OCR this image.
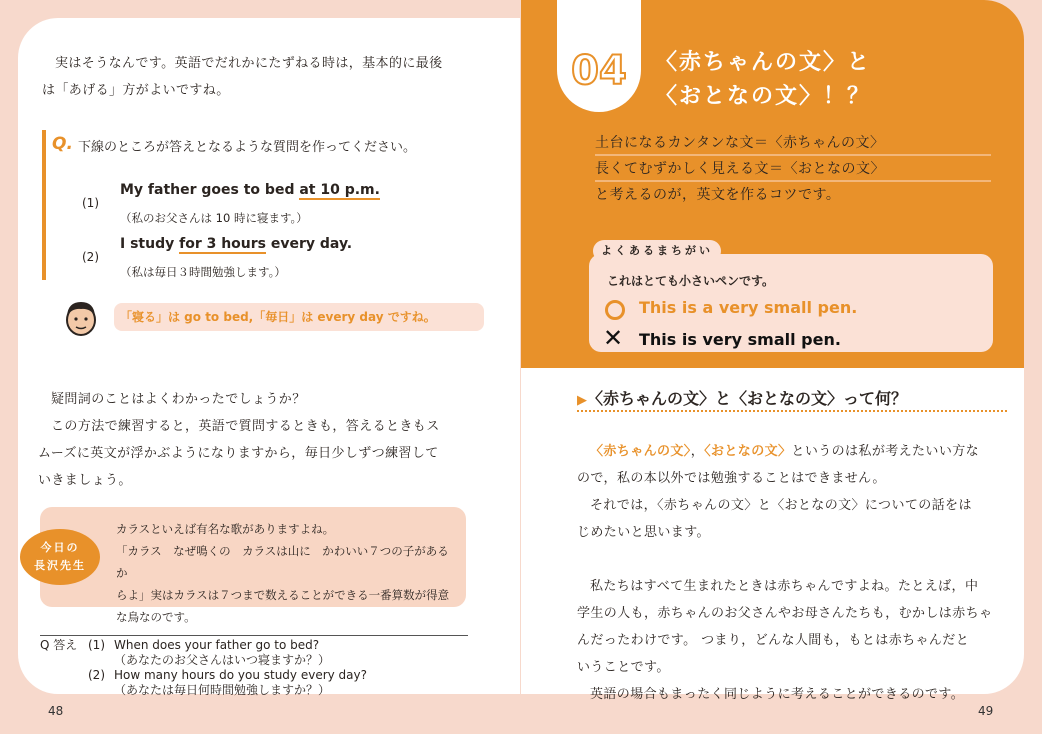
実はそうなんです。英語でだれかにたずねる時は，基本的に最後

は「あげる」方がよいですね。

Q. 下線のところが答えとなるような質問を作ってください。
(1)
My father goes to bed at 10 p.m.
（私のお父さんは 10 時に寝ます。）
(2)
I study for 3 hours every day.
（私は毎日３時間勉強します。）
「寝る」は go to bed,「毎日」は every day ですね。

疑問詞のことはよくわかったでしょうか？

この方法で練習すると，英語で質問するときも，答えるときもス

ムーズに英文が浮かぶようになりますから，毎日少しずつ練習して

いきましょう。

今日の
長沢先生
カラスといえば有名な歌がありますよね。
「カラス　なぜ鳴くの　カラスは山に　かわいい７つの子があるか
らよ」実はカラスは７つまで数えることができる一番算数が得意
な鳥なのです。
Q 答え (1) When does your father go to bed?
（あなたのお父さんはいつ寝ますか？）
(2) How many hours do you study every day?
（あなたは毎日何時間勉強しますか？）
04	〈赤ちゃんの文〉と
〈おとなの文〉！？
土台になるカンタンな文＝〈赤ちゃんの文〉
長くてむずかしく見える文＝〈おとなの文〉
と考えるのが，英文を作るコツです。
よくあるまちがい
これはとても小さいペンです。
This is a very small pen.
✕ This is very small pen.
▶〈赤ちゃんの文〉と〈おとなの文〉って何？

〈赤ちゃんの文〉，〈おとなの文〉というのは私が考えたいい方な

ので，私の本以外では勉強することはできません。

それでは，〈赤ちゃんの文〉と〈おとなの文〉についての話をは

じめたいと思います。

私たちはすべて生まれたときは赤ちゃんですよね。たとえば，中

学生の人も，赤ちゃんのお父さんやお母さんたちも，むかしは赤ちゃ

んだったわけです。 つまり，どんな人間も，もとは赤ちゃんだと

いうことです。

英語の場合もまったく同じように考えることができるのです。

48	49
